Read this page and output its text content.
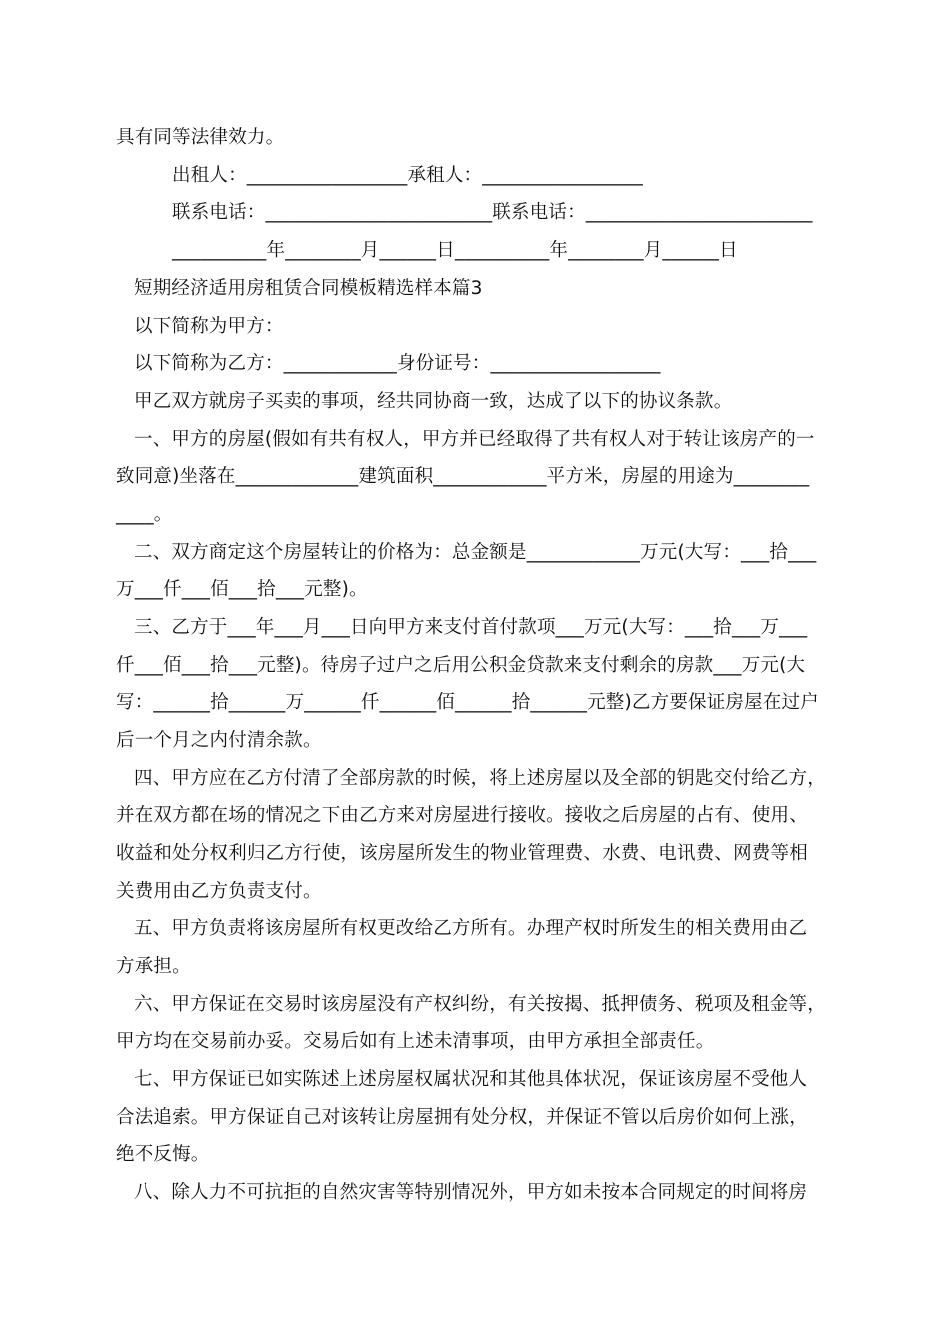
具有同等法律效力。
出租人：_________________承租人：_________________
联系电话：________________________联系电话：________________________
__________年________月______日__________年________月______日
短期经济适用房租赁合同模板精选样本篇3
以下简称为甲方：
以下简称为乙方：____________身份证号：__________________
甲乙双方就房子买卖的事项，经共同协商一致，达成了以下的协议条款。
一、甲方的房屋(假如有共有权人，甲方并已经取得了共有权人对于转让该房产的一
致同意)坐落在_____________建筑面积____________平方米，房屋的用途为________
____。
二、双方商定这个房屋转让的价格为：总金额是____________万元(大写：___拾___
万___仟___佰___拾___元整)。
三、乙方于___年___月___日向甲方来支付首付款项___万元(大写：___拾___万___
仟___佰___拾___元整)。待房子过户之后用公积金贷款来支付剩余的房款___万元(大
写：______拾______万______仟______佰______拾______元整)乙方要保证房屋在过户
后一个月之内付清余款。
四、甲方应在乙方付清了全部房款的时候，将上述房屋以及全部的钥匙交付给乙方，
并在双方都在场的情况之下由乙方来对房屋进行接收。接收之后房屋的占有、使用、
收益和处分权利归乙方行使，该房屋所发生的物业管理费、水费、电讯费、网费等相
关费用由乙方负责支付。
五、甲方负责将该房屋所有权更改给乙方所有。办理产权时所发生的相关费用由乙
方承担。
六、甲方保证在交易时该房屋没有产权纠纷，有关按揭、抵押债务、税项及租金等，
甲方均在交易前办妥。交易后如有上述未清事项，由甲方承担全部责任。
七、甲方保证已如实陈述上述房屋权属状况和其他具体状况，保证该房屋不受他人
合法追索。甲方保证自己对该转让房屋拥有处分权，并保证不管以后房价如何上涨，
绝不反悔。
八、除人力不可抗拒的自然灾害等特别情况外，甲方如未按本合同规定的时间将房
